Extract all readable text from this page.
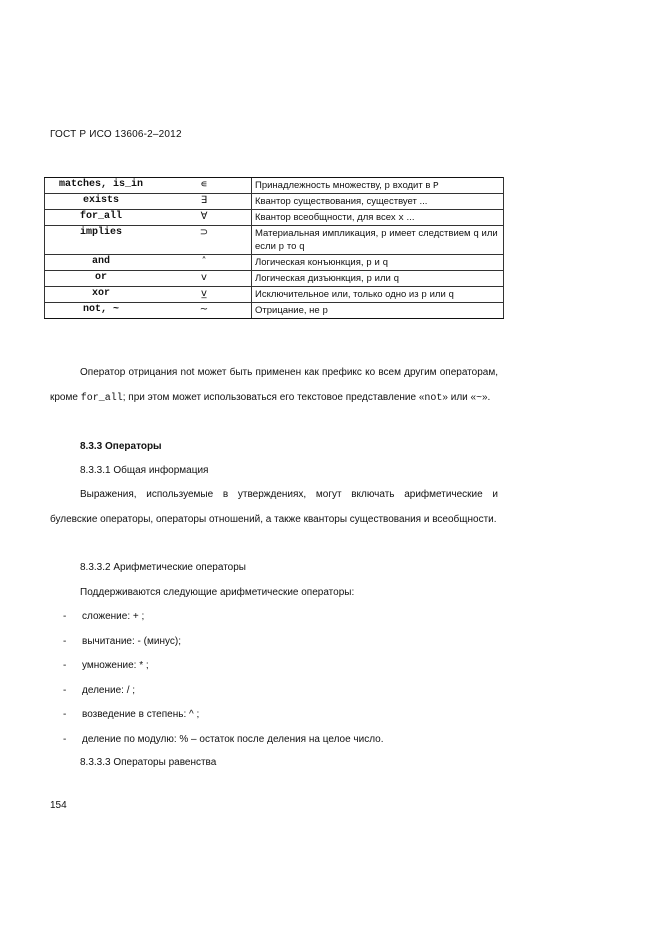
ГОСТ Р ИСО 13606-2–2012
matches, is_in	∊	Принадлежность множеству, p входит в P
exists	∃	Квантор существования, существует ...
for_all	∀	Квантор всеобщности, для всех x ...
implies	⊃	Материальная импликация, p имеет следствием q или если p то q
and	˄	Логическая конъюнкция, p и q
or	v	Логическая дизъюнкция, p или q
xor	v̲	Исключительное или, только одно из p или q
not, ~	~	Отрицание, не p
Оператор отрицания not может быть применен как префикс ко всем другим операторам, кроме for_all; при этом может использоваться его текстовое представление «not» или «~».
8.3.3 Операторы
8.3.3.1 Общая информация
Выражения, используемые в утверждениях, могут включать арифметические и булевские операторы, операторы отношений, а также кванторы существования и всеобщности.
8.3.3.2 Арифметические операторы
Поддерживаются следующие арифметические операторы:
- сложение: + ;
- вычитание: - (минус);
- умножение: * ;
- деление: / ;
- возведение в степень: ^ ;
- деление по модулю: % – остаток после деления на целое число.
8.3.3.3 Операторы равенства
154
